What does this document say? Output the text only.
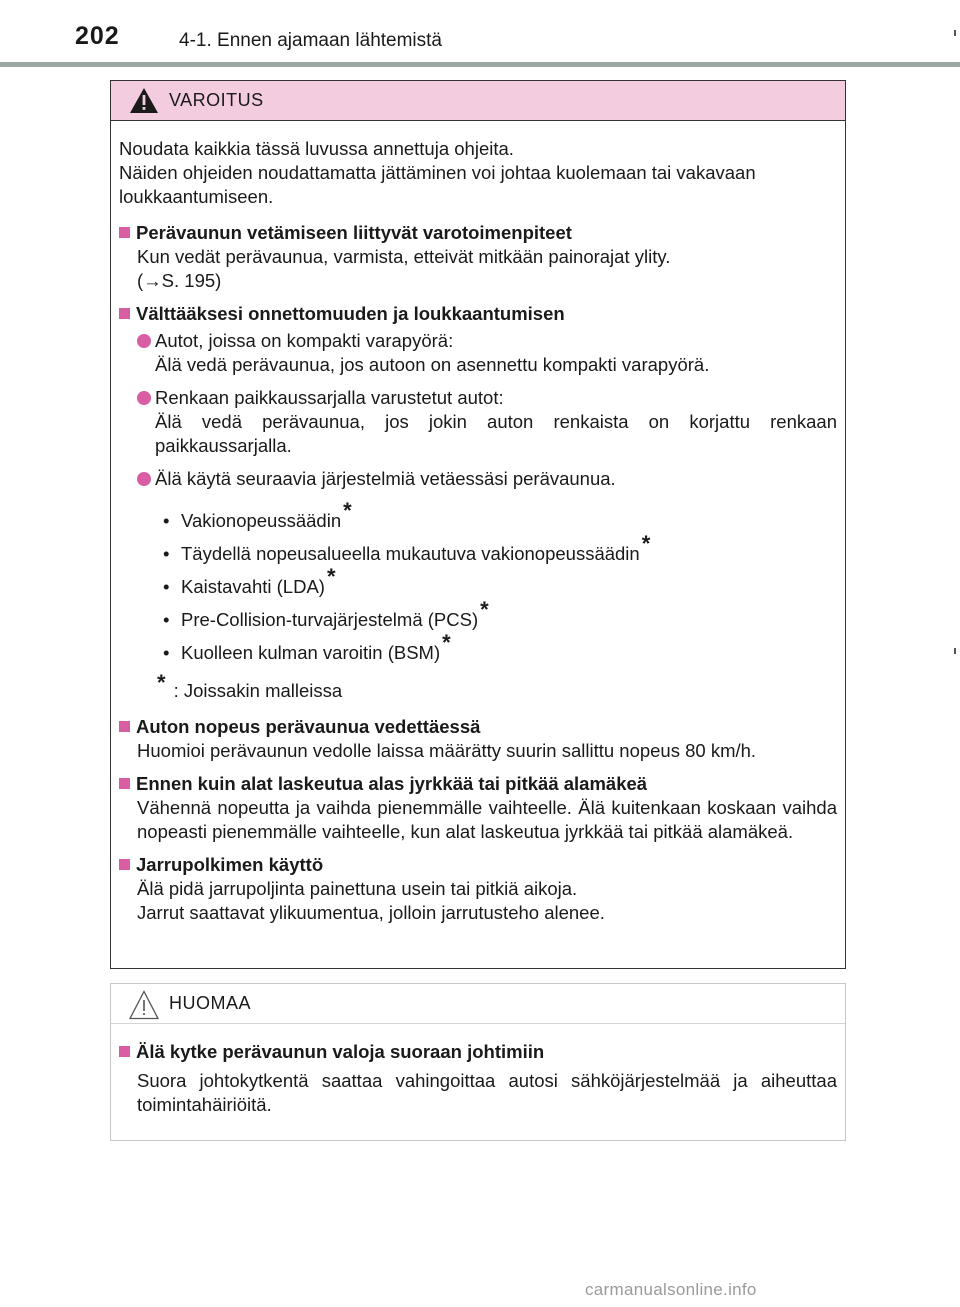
202	4-1. Ennen ajamaan lähtemistä
VAROITUS

Noudata kaikkia tässä luvussa annettuja ohjeita.

Näiden ohjeiden noudattamatta jättäminen voi johtaa kuolemaan tai vakavaan loukkaantumiseen.

Perävaunun vetämiseen liittyvät varotoimenpiteet

Kun vedät perävaunua, varmista, etteivät mitkään painorajat ylity.

(→S. 195)

Välttääksesi onnettomuuden ja loukkaantumisen

Autot, joissa on kompakti varapyörä:

Älä vedä perävaunua, jos autoon on asennettu kompakti varapyörä.

Renkaan paikkaussarjalla varustetut autot:

Älä vedä perävaunua, jos jokin auton renkaista on korjattu renkaan paikkaussarjalla.

Älä käytä seuraavia järjestelmiä vetäessäsi perävaunua.

• Vakionopeussäädin *
• Täydellä nopeusalueella mukautuva vakionopeussäädin *
• Kaistavahti (LDA) *
• Pre-Collision-turvajärjestelmä (PCS) *
• Kuolleen kulman varoitin (BSM) *
* : Joissakin malleissa
Auton nopeus perävaunua vedettäessä

Huomioi perävaunun vedolle laissa määrätty suurin sallittu nopeus 80 km/h.

Ennen kuin alat laskeutua alas jyrkkää tai pitkää alamäkeä

Vähennä nopeutta ja vaihda pienemmälle vaihteelle. Älä kuitenkaan koskaan vaihda nopeasti pienemmälle vaihteelle, kun alat laskeutua jyrkkää tai pitkää alamäkeä.

Jarrupolkimen käyttö

Älä pidä jarrupoljinta painettuna usein tai pitkiä aikoja.

Jarrut saattavat ylikuumentua, jolloin jarrutusteho alenee.

HUOMAA
Älä kytke perävaunun valoja suoraan johtimiin

Suora johtokytkentä saattaa vahingoittaa autosi sähköjärjestelmää ja aiheuttaa toimintahäiriöitä.

carmanualsonline.info
